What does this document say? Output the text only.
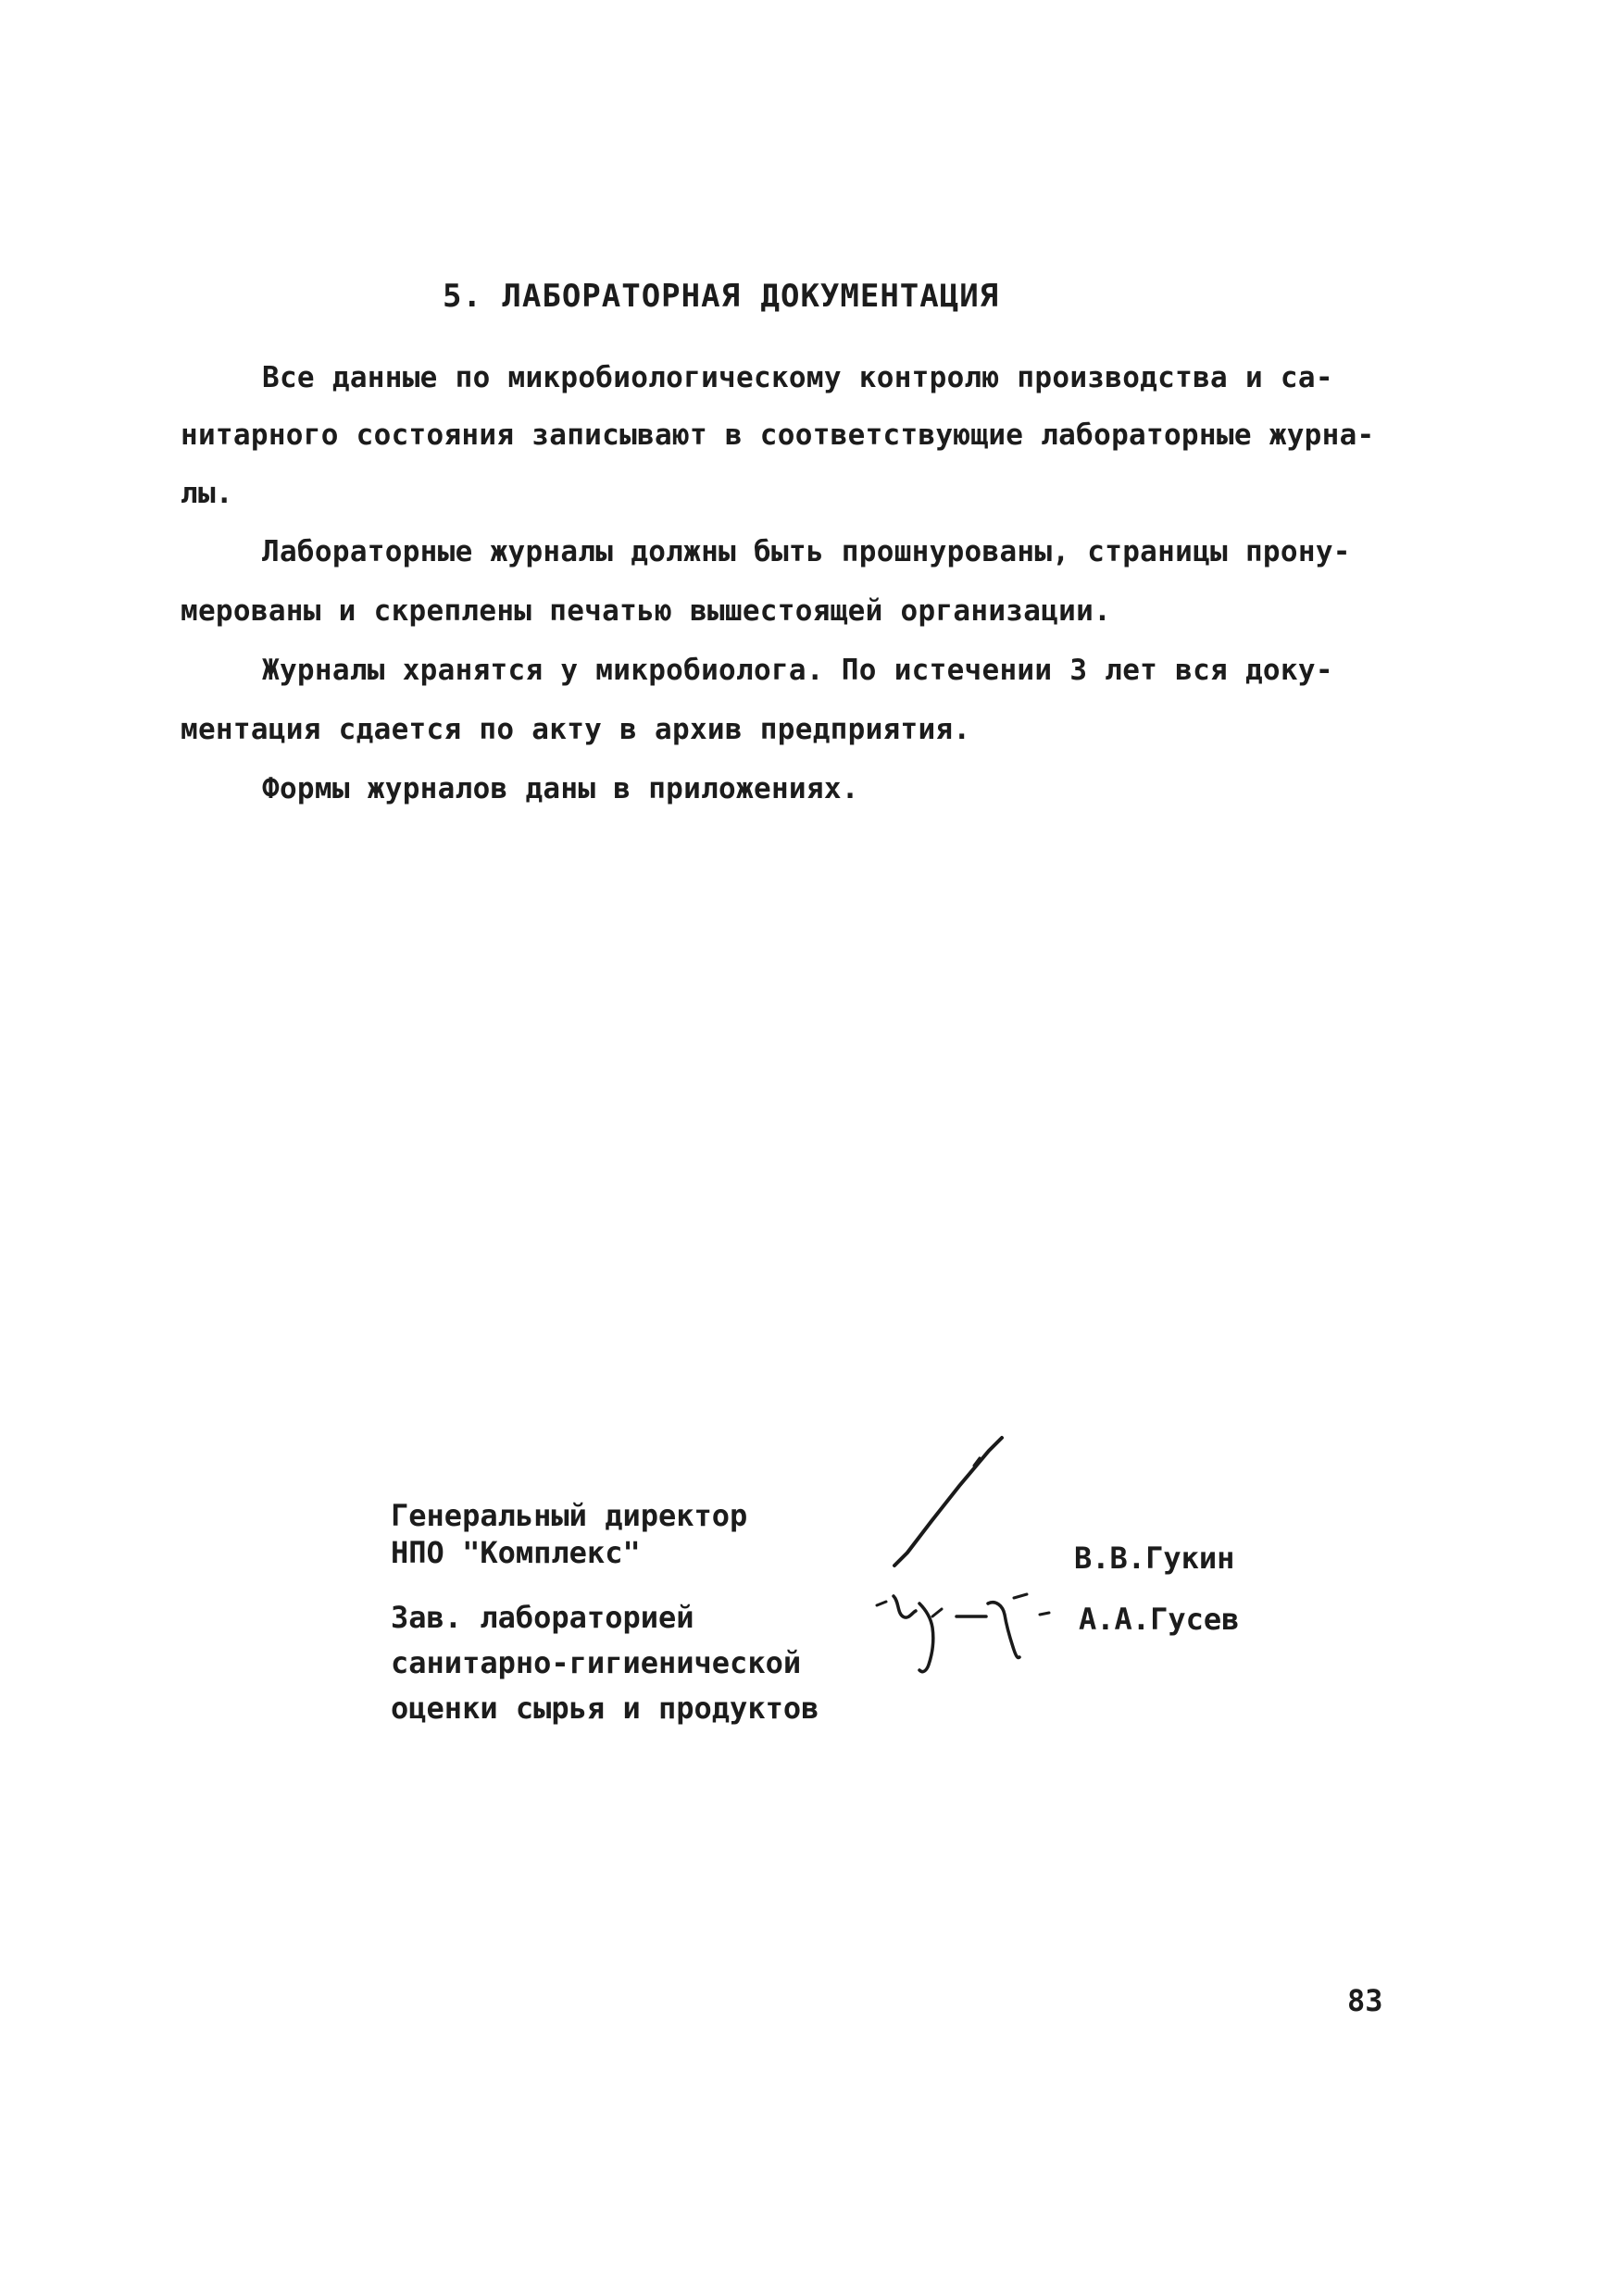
5. ЛАБОРАТОРНАЯ ДОКУМЕНТАЦИЯ
Все данные по микробиологическому контролю производства и са-
нитарного состояния записывают в соответствующие лабораторные журна-
лы.
Лабораторные журналы должны быть прошнурованы, страницы прону-
мерованы и скреплены печатью вышестоящей организации.
Журналы хранятся у микробиолога. По истечении 3 лет вся доку-
ментация сдается по акту в архив предприятия.
Формы журналов даны в приложениях.
Генеральный директор
НПО "Комплекс"	В.В.Гукин
Зав. лабораторией
санитарно-гигиенической
оценки сырья и продуктов
А.А.Гусев
83
